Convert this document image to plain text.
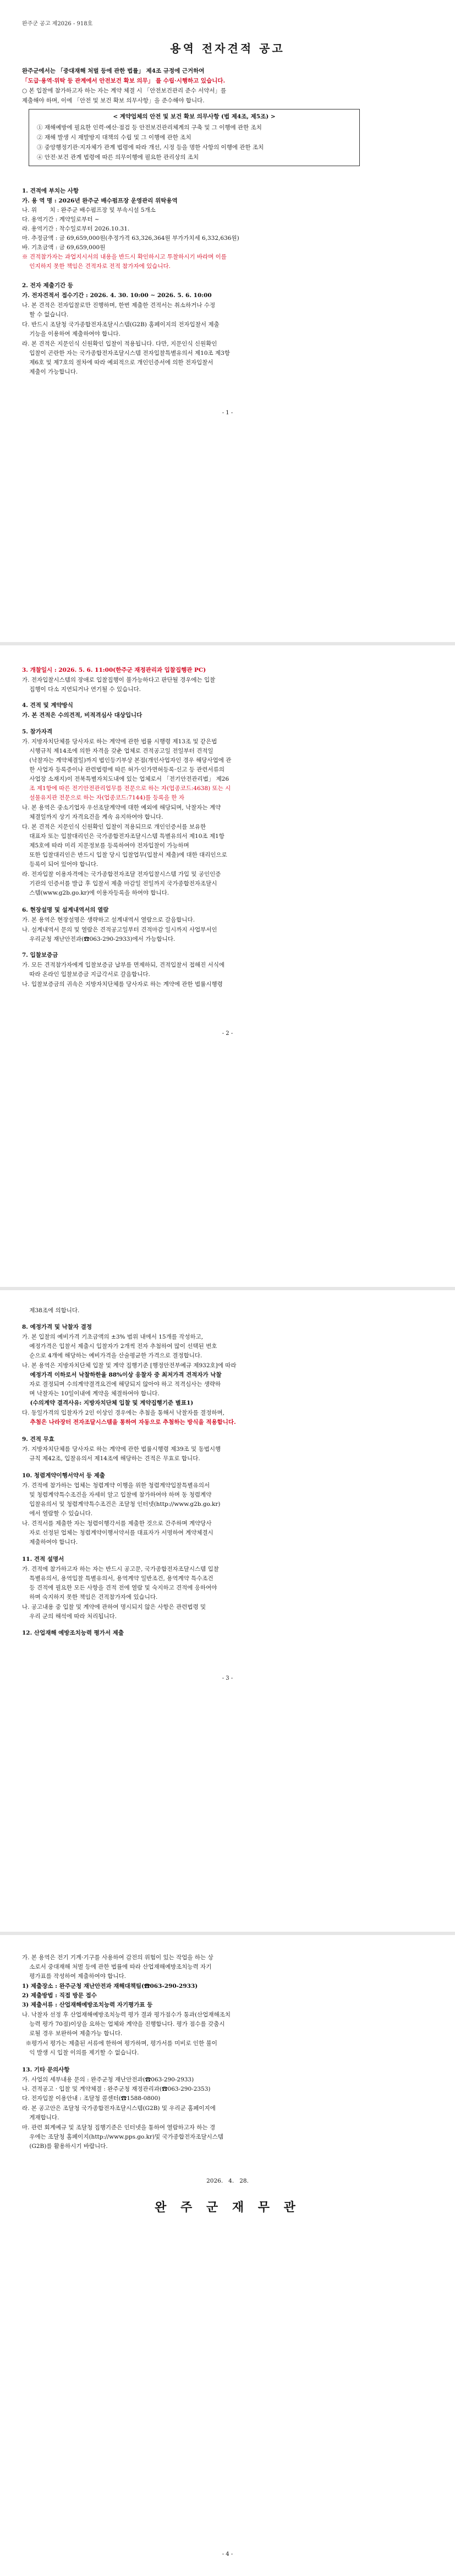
완주군 공고 제2026 - 918호
용역 전자견적 공고
완주군에서는 「중대재해 처벌 등에 관한 법률」 제4조 규정에 근거하여
「도급·용역·위탁 등 관계에서 안전보건 확보 의무」 를 수립·시행하고 있습니다.
○ 본 입찰에 참가하고자 하는 자는 계약 체결 시 「안전보건관리 준수 서약서」를
제출해야 하며, 이에 「안전 및 보건 확보 의무사항」을 준수해야 합니다.
< 계약업체의 안전 및 보건 확보 의무사항 (법 제4조, 제5조) >
① 재해예방에 필요한 인력·예산·점검 등 안전보건관리체계의 구축 및 그 이행에 관한 조치
② 재해 발생 시 재발방지 대책의 수립 및 그 이행에 관한 조치
③ 중앙행정기관·지자체가 관계 법령에 따라 개선, 시정 등을 명한 사항의 이행에 관한 조치
④ 안전·보건 관계 법령에 따른 의무이행에 필요한 관리상의 조치
1. 견적에 부치는 사항
가. 용 역 명 : 2026년 완주군 배수펌프장 운영관리 위탁용역
나. 위       치 : 완주군 배수펌프장 및 부속시설 5개소
다. 용역기간 : 계약일로부터 ~
라. 용역기간 : 착수일로부터 2026.10.31.
마. 추정금액 : 금 69,659,000원(추정가격 63,326,364원 부가가치세 6,332,636원)
바. 기초금액 : 금 69,659,000원
※ 견적참가자는 과업지시서의 내용을 반드시 확인하시고 투찰하시기 바라며 이를
인지하지 못한 책임은 견적자로 전적 참가자에 있습니다.
2. 전자 제출기간 등
가. 전자견적서 접수기간 : 2026. 4. 30. 10:00 ~ 2026. 5. 6. 10:00
나. 본 견적은 전자입찰로만 진행하며, 한번 제출한 견적서는 취소하거나 수정
할 수 없습니다.
다. 반드시 조달청 국가종합전자조달시스템(G2B) 홈페이지의 전자입찰서 제출
기능을 이용하여 제출하여야 합니다.
라. 본 견적은 지문인식 신원확인 입찰이 적용됩니다. 다만, 지문인식 신원확인
입찰이 곤란한 자는 국가종합전자조달시스템 전자입찰특별유의서 제10조 제3항
제6호 및 제7호의 절차에 따라 예외적으로 개인인증서에 의한 전자입찰서
제출이 가능합니다.
- 1 -
3. 개찰일시 : 2026. 5. 6. 11:00(한주군 재정관리과 입찰집행관 PC)
가. 전자입찰시스템의 장애로 입찰집행이 불가능하다고 판단될 경우에는 입찰
집행이 다소 지연되거나 연기될 수 있습니다.
4. 견적 및 계약방식
가. 본 견적은 수의견적, 비적격심사 대상입니다
5. 참가자격
가. 지방자치단체를 당사자로 하는 계약에 관한 법률 시행령 제13조 및 같은법
시행규칙 제14조에 의한 자격을 갖춘 업체로 견적공고일 전일부터 견적일
(낙찰자는 계약체결일)까지 법인등기부상 본점(개인사업자인 경우 해당사업에 관
한 사업자 등록증이나 관련법령에 따른 허가·인가면허등록·신고 등 관련서류의
사업장 소재지)이 전북특별자치도내에 있는 업체로서 「전기안전관리법」 제26
조 제1항에 따른 전기안전관리업무를 전문으로 하는 자(업종코드:4638) 또는 시
설물유지관 전문으로 하는 자(업종코드:7144)를 등록을 한 자
나. 본 용역은 중소기업자 우선조달계약에 대한 예외에 해당되며, 낙찰자는 계약
체결일까지 상기 자격요건을 계속 유지하여야 합니다.
다. 본 견적은 지문인식 신원확인 입찰이 적용되므로 개인인증서를 보유한
대표자 또는 입찰대리인은 국가종합전자조달시스템 특별유의서 제10조 제1항
제5호에 따라 미리 지문정보를 등록하여야 전자입찰이 가능하며
또한 입찰대리인은 반드시 입찰 당시 입찰업무(입찰서 제출)에 대한 대리인으로
등록이 되어 있어야 합니다.
라. 전자입찰 이용자격에는 국가종합전자조달 전자입찰시스템 가입 및 공인인증
기관의 인증서를 발급 후 입찰서 제출 마감일 전일까지 국가종합전자조달시
스템(www.g2b.go.kr)에 이용자등록을 하여야 합니다.
6. 현장설명 및 설계내역서의 열람
가. 본 용역은 현장설명은 생략하고 설계내역서 열람으로 갈음합니다.
나. 설계내역서 문의 및 열람은 견적공고일부터 견적마감 일시까지 사업부서인
우리군청 재난안전과(☎063-290-2933)에서 가능합니다.
7. 입찰보증금
가. 모든 견적참가자에게 입찰보증금 납부를 면제하되, 견적입찰서 접해진 서식에
따라 온라인 입찰보증금 지급각서로 갈음합니다.
나. 입찰보증금의 귀속은 지방자치단체를 당사자로 하는 계약에 관한 법률시행령
- 2 -
제38조에 의합니다.
8. 예정가격 및 낙찰자 결정
가. 본 입찰의 예비가격 기초금액의 ±3% 범위 내에서 15개를 작성하고,
예정가격은 입찰서 제출시 입찰자가 2개씩 전자 추첨하여 많이 선택된 번호
순으로 4개에 해당하는 예비가격을 산술평균한 가격으로 결정합니다.
나. 본 용역은 지방자치단체 입찰 및 계약 집행기준 [행정안전부예규 제932호]에 따라
예정가격 이하로서 낙찰하한율 88%이상 응찰자 중 최저가격 견적자가 낙찰
자로 결정되며 수의계약결격요건에 해당되지 않아야 하고 적격심사는 생략하
며 낙찰자는 10일이내에 계약을 체결하여야 합니다.
(수의계약 결격사유: 지방자치단체 입찰 및 계약집행기준 별표1)
다. 동일가격의 입찰자가 2인 이상인 경우에는 추첨을 통해서 낙찰자를 결정하며,
추첨은 나라장터 전자조달시스템을 통하여 자동으로 추첨하는 방식을 적용합니다.
9. 견적 무효
가. 지방자치단체를 당사자로 하는 계약에 관한 법률시행령 제39조 및 동법시행
규칙 제42조, 입찰유의서 제14조에 해당하는 견적은 무효로 합니다.
10. 청렴계약이행서약서 등 제출
가. 견적에 참가하는 업체는 청렴계약 이행을 위한 청렴계약입찰특별유의서
및 청렴계약특수조건을 자세히 알고 입찰에 참가하여야 하며 동 청렴계약
입찰유의서 및 청렴계약특수조건은 조달청 인터넷(http://www.g2b.go.kr)
에서 열람할 수 있습니다.
나. 견적서를 제출한 자는 청렴이행각서를 제출한 것으로 간주하며 계약당사
자로 선정된 업체는 청렴계약이행서약서를 대표자가 서명하여 계약체결시
제출하여야 합니다.
11. 견적 설명서
가. 견적에 참가하고자 하는 자는 반드시 공고문, 국가종합전자조달시스템 입찰
특별유의서, 용역입찰 특별유의서, 용역계약 일반조건, 용역계약 특수조건
등 견적에 필요한 모든 사항을 견적 전에 열람 및 숙지하고 견적에 응하여야
하며 숙지하지 못한 책임은 견적참가자에 있습니다.
나. 공고내용 중 입찰 및 계약에 관하여 명시되지 않은 사항은 관련법령 및
우리 군의 해석에 따라 처리됩니다.
12. 산업재해 예방조치능력 평가서 제출
- 3 -
가. 본 용역은 전기 기계·기구를 사용하여 감전의 위험이 있는 작업을 하는 상
소로서 중대재해 처벌 등에 관한 법률에 따라 산업재해예방조치능력 자기
평가표를 작성하여 제출하여야 합니다.
1) 제출장소 : 완주군청 재난안전과 재해대책팀(☎063-290-2933)
2) 제출방법 : 직접 방문 접수
3) 제출서류 : 산업재해예방조치능력 자기평가표 등
나. 낙찰자 선정 후 산업재해예방조치능력 평가 결과 평가점수가 통과(산업재해조치
능력 평가 70점)이상을 요하는 업체와 계약을 진행합니다. 평가 점수를 갖춤시
로될 경우 보완하여 제출가능 합니다.
※평가서 평가는 제출된 서류에 한하여 평가하며, 평가서를 미비로 인한 불이
익 발생 시 입찰 이의를 제기할 수 없습니다.
13. 기타 문의사항
가. 사업의 세부내용 문의 : 완주군청 재난안전과(☎063-290-2933)
나. 견적공고 · 입찰 및 계약체결 : 완주군청 재정관리과(☎063-290-2353)
다. 전자입찰 이용안내 : 조달청 콜센터(☎1588-0800)
라. 본 공고안은 조달청 국가종합전자조달시스템(G2B) 및 우리군 홈페이지에
게재합니다.
마. 관련 회계예규 및 조달청 집행기준은 인터넷을 통하여 열람하고자 하는 경
우에는 조달청 홈페이지(http://www.pps.go.kr)및 국가종합전자조달시스템
(G2B)를 활용하시기 바랍니다.
2026.   4.   28.
완 주 군 재 무 관
- 4 -
